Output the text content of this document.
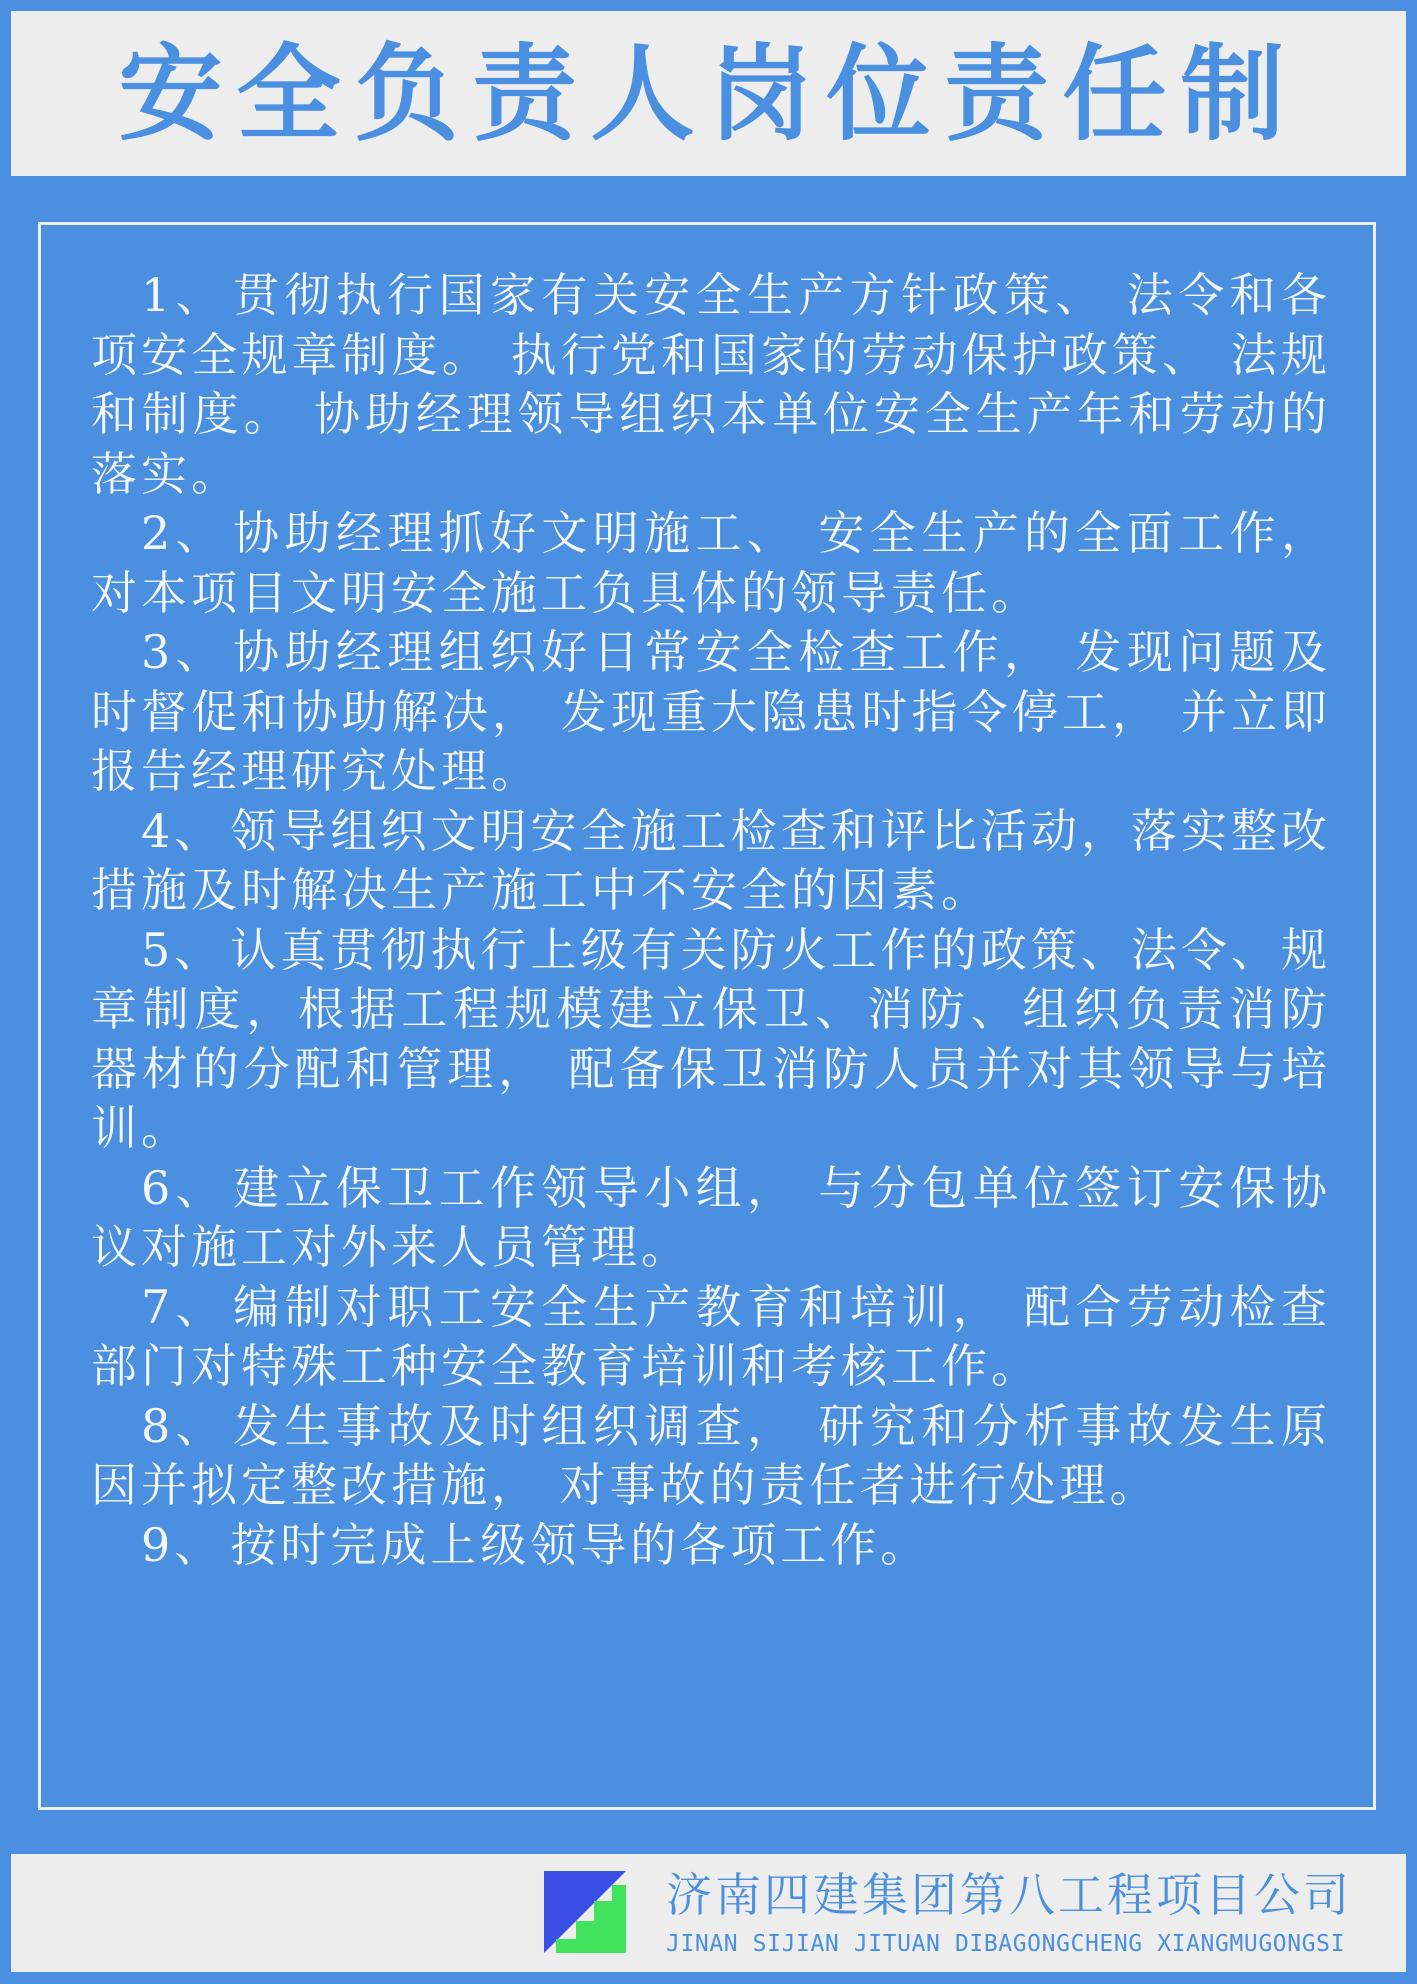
安全负责人岗位责任制

1、 贯彻执行国家有关安全生产方针政策、 法令和各项安全规章制度。 执行党和国家的劳动保护政策、 法规和制度。 协助经理领导组织本单位安全生产年和劳动的落实。

2、 协助经理抓好文明施工、 安全生产的全面工作， 对本项目文明安全施工负具体的领导责任。

3、 协助经理组织好日常安全检查工作， 发现问题及时督促和协助解决， 发现重大隐患时指令停工， 并立即报告经理研究处理。

4、 领导组织文明安全施工检查和评比活动，落实整改措施及时解决生产施工中不安全的因素。

5、 认真贯彻执行上级有关防火工作的政策、法令、规章制度，根据工程规模建立保卫、消防、组织负责消防器材的分配和管理， 配备保卫消防人员并对其领导与培训。

6、 建立保卫工作领导小组， 与分包单位签订安保协议对施工对外来人员管理。

7、 编制对职工安全生产教育和培训， 配合劳动检查部门对特殊工种安全教育培训和考核工作。

8、 发生事故及时组织调查， 研究和分析事故发生原因并拟定整改措施， 对事故的责任者进行处理。

9、 按时完成上级领导的各项工作。

济南四建集团第八工程项目公司
JINAN SIJIAN JITUAN DIBAGONGCHENG XIANGMUGONGSI
